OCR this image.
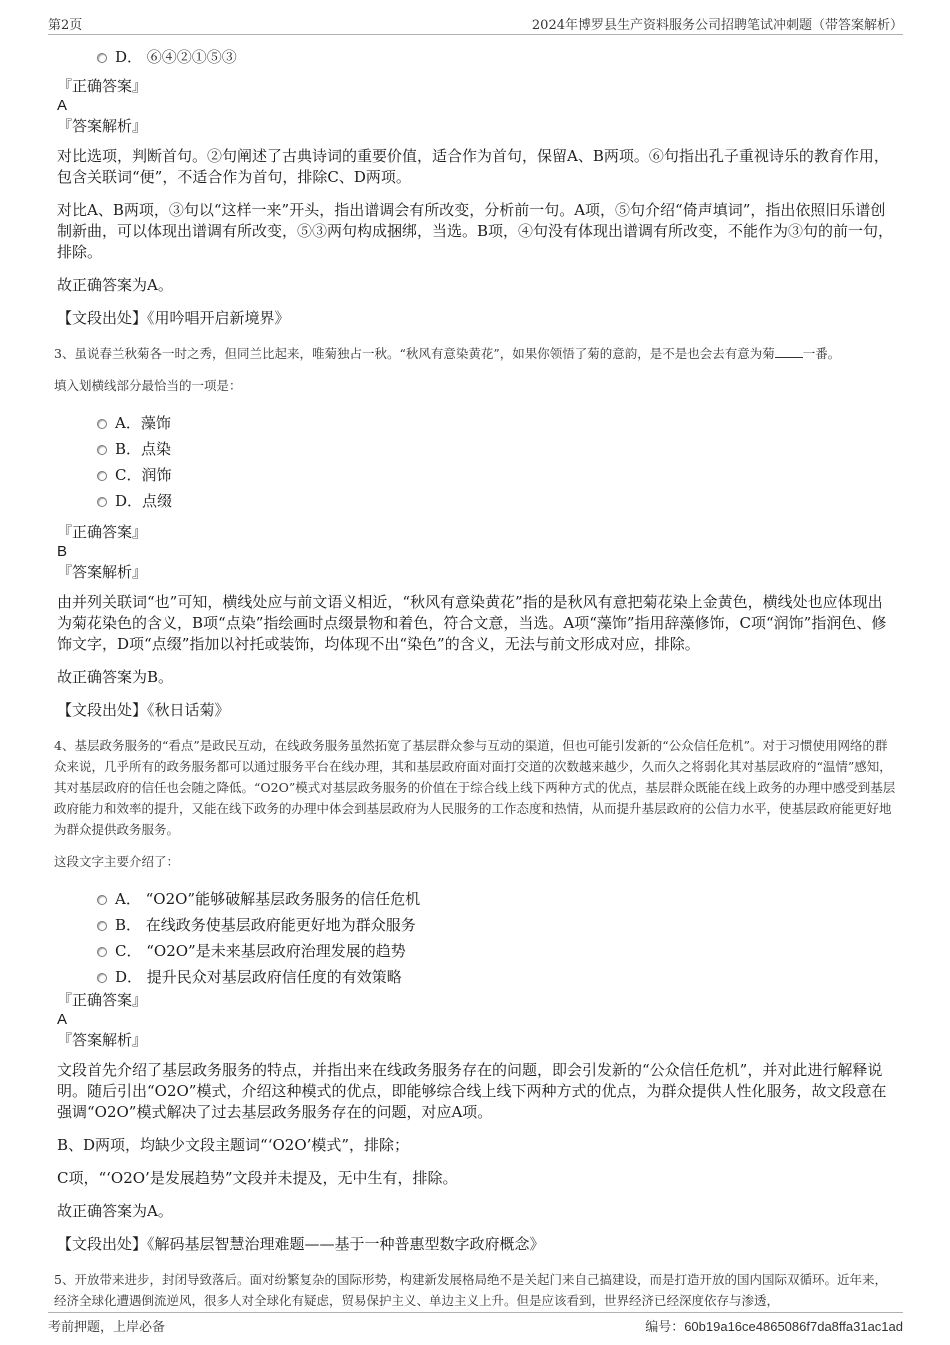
第2页	2024年博罗县生产资料服务公司招聘笔试冲刺题（带答案解析）
D． ⑥④②①⑤③

『正确答案』

A

『答案解析』

对比选项，判断首句。②句阐述了古典诗词的重要价值，适合作为首句，保留A、B两项。⑥句指出孔子重视诗乐的教育作用，包含关联词“便”，不适合作为首句，排除C、D两项。

对比A、B两项，③句以“这样一来”开头，指出谱调会有所改变，分析前一句。A项，⑤句介绍“倚声填词”，指出依照旧乐谱创制新曲，可以体现出谱调有所改变，⑤③两句构成捆绑，当选。B项，④句没有体现出谱调有所改变，不能作为③句的前一句，排除。

故正确答案为A。

【文段出处】《用吟唱开启新境界》

3、虽说春兰秋菊各一时之秀，但同兰比起来，唯菊独占一秋。“秋风有意染黄花”，如果你领悟了菊的意韵，是不是也会去有意为菊 一番。

填入划横线部分最恰当的一项是：

A．藻饰
B．点染
C．润饰
D．点缀

『正确答案』

B

『答案解析』

由并列关联词“也”可知，横线处应与前文语义相近，“秋风有意染黄花”指的是秋风有意把菊花染上金黄色，横线处也应体现出为菊花染色的含义，B项“点染”指绘画时点缀景物和着色，符合文意，当选。A项“藻饰”指用辞藻修饰，C项“润饰”指润色、修饰文字，D项“点缀”指加以衬托或装饰，均体现不出“染色”的含义，无法与前文形成对应，排除。

故正确答案为B。

【文段出处】《秋日话菊》

4、基层政务服务的“看点”是政民互动，在线政务服务虽然拓宽了基层群众参与互动的渠道，但也可能引发新的“公众信任危机”。对于习惯使用网络的群众来说，几乎所有的政务服务都可以通过服务平台在线办理，其和基层政府面对面打交道的次数越来越少，久而久之将弱化其对基层政府的“温情”感知，其对基层政府的信任也会随之降低。“O2O”模式对基层政务服务的价值在于综合线上线下两种方式的优点，基层群众既能在线上政务的办理中感受到基层政府能力和效率的提升，又能在线下政务的办理中体会到基层政府为人民服务的工作态度和热情，从而提升基层政府的公信力水平，使基层政府能更好地为群众提供政务服务。

这段文字主要介绍了：

A． “O2O”能够破解基层政务服务的信任危机
B． 在线政务使基层政府能更好地为群众服务
C． “O2O”是未来基层政府治理发展的趋势
D． 提升民众对基层政府信任度的有效策略

『正确答案』

A

『答案解析』

文段首先介绍了基层政务服务的特点，并指出来在线政务服务存在的问题，即会引发新的“公众信任危机”，并对此进行解释说明。随后引出“O2O”模式，介绍这种模式的优点，即能够综合线上线下两种方式的优点，为群众提供人性化服务，故文段意在强调“O2O”模式解决了过去基层政务服务存在的问题，对应A项。

B、D两项，均缺少文段主题词“‘O2O’模式”，排除；

C项，“‘O2O’是发展趋势”文段并未提及，无中生有，排除。

故正确答案为A。

【文段出处】《解码基层智慧治理难题——基于一种普惠型数字政府概念》

5、开放带来进步，封闭导致落后。面对纷繁复杂的国际形势，构建新发展格局绝不是关起门来自己搞建设，而是打造开放的国内国际双循环。近年来，经济全球化遭遇倒流逆风，很多人对全球化有疑虑，贸易保护主义、单边主义上升。但是应该看到，世界经济已经深度依存与渗透，

考前押题，上岸必备	编号：60b19a16ce4865086f7da8ffa31ac1ad
